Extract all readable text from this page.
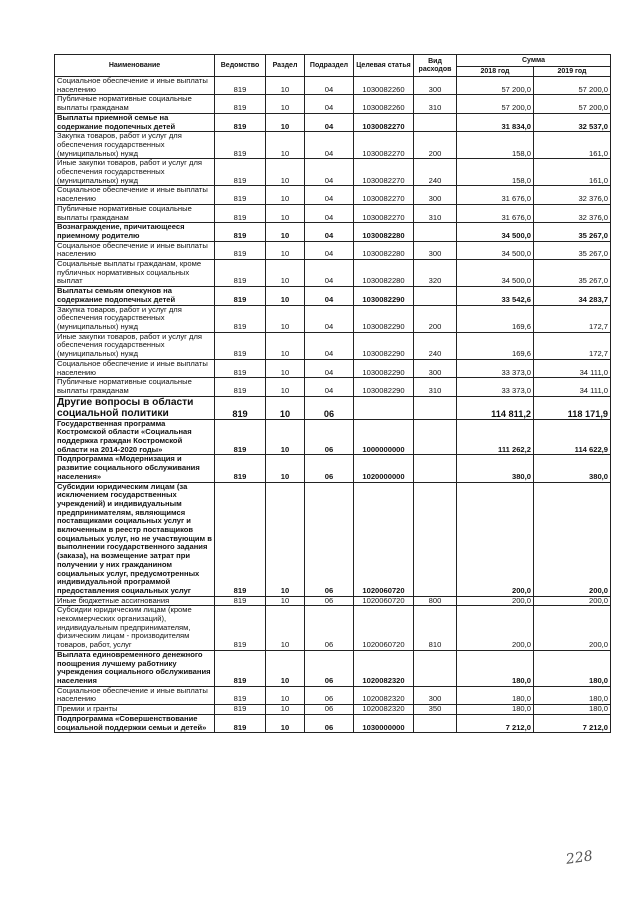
Наименование	Ведомство	Раздел	Подраздел	Целевая статья	Вид расходов	Сумма	
						2018 год	2019 год
Социальное обеспечение и иные выплаты населению	819	10	04	1030082260	300	57 200,0	57 200,0
Публичные нормативные социальные выплаты гражданам	819	10	04	1030082260	310	57 200,0	57 200,0
Выплаты приемной семье на содержание подопечных детей	819	10	04	1030082270		31 834,0	32 537,0
Закупка товаров, работ и услуг для обеспечения государственных (муниципальных) нужд	819	10	04	1030082270	200	158,0	161,0
Иные закупки товаров, работ и услуг для обеспечения государственных (муниципальных) нужд	819	10	04	1030082270	240	158,0	161,0
Социальное обеспечение и иные выплаты населению	819	10	04	1030082270	300	31 676,0	32 376,0
Публичные нормативные социальные выплаты гражданам	819	10	04	1030082270	310	31 676,0	32 376,0
Вознаграждение, причитающееся приемному родителю	819	10	04	1030082280		34 500,0	35 267,0
Социальное обеспечение и иные выплаты населению	819	10	04	1030082280	300	34 500,0	35 267,0
Социальные выплаты гражданам, кроме публичных нормативных социальных выплат	819	10	04	1030082280	320	34 500,0	35 267,0
Выплаты семьям опекунов на содержание подопечных детей	819	10	04	1030082290		33 542,6	34 283,7
Закупка товаров, работ и услуг для обеспечения государственных (муниципальных) нужд	819	10	04	1030082290	200	169,6	172,7
Иные закупки товаров, работ и услуг для обеспечения государственных (муниципальных) нужд	819	10	04	1030082290	240	169,6	172,7
Социальное обеспечение и иные выплаты населению	819	10	04	1030082290	300	33 373,0	34 111,0
Публичные нормативные социальные выплаты гражданам	819	10	04	1030082290	310	33 373,0	34 111,0
Другие вопросы в области социальной политики	819	10	06			114 811,2	118 171,9
Государственная программа Костромской области «Социальная поддержка граждан Костромской области на 2014-2020 годы»	819	10	06	1000000000		111 262,2	114 622,9
Подпрограмма «Модернизация и развитие социального обслуживания населения»	819	10	06	1020000000		380,0	380,0
Субсидии юридическим лицам (за исключением государственных учреждений) и индивидуальным предпринимателям, являющимся поставщиками социальных услуг и включенным в реестр поставщиков социальных услуг, но не участвующим в выполнении государственного задания (заказа), на возмещение затрат при получении у них гражданином социальных услуг, предусмотренных индивидуальной программой предоставления социальных услуг	819	10	06	1020060720		200,0	200,0
Иные бюджетные ассигнования	819	10	06	1020060720	800	200,0	200,0
Субсидии юридическим лицам (кроме некоммерческих организаций), индивидуальным предпринимателям, физическим лицам - производителям товаров, работ, услуг	819	10	06	1020060720	810	200,0	200,0
Выплата единовременного денежного поощрения лучшему работнику учреждения социального обслуживания населения	819	10	06	1020082320		180,0	180,0
Социальное обеспечение и иные выплаты населению	819	10	06	1020082320	300	180,0	180,0
Премии и гранты	819	10	06	1020082320	350	180,0	180,0
Подпрограмма «Совершенствование социальной поддержки семьи и детей»	819	10	06	1030000000		7 212,0	7 212,0
228
